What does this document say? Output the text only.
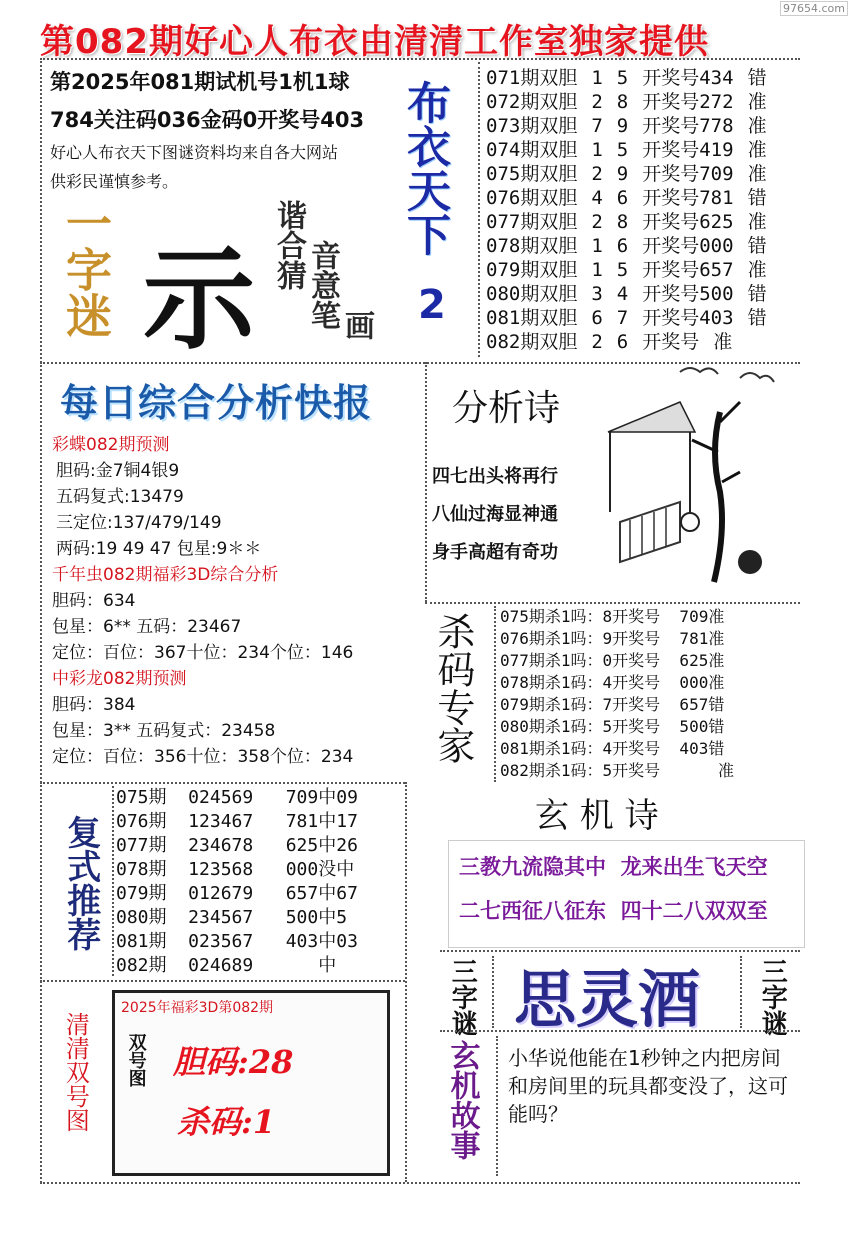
第082期好心人布衣由清清工作室独家提供
97654.com
第2025年081期试机号1机1球
784关注码036金码0开奖号403
好心人布衣天下图谜资料均来自各大网站
供彩民谨慎参考。
一字迷 示 谐合猜 音意笔 画
布衣天下
2
071期双胆 1 5 开奖号434 错
072期双胆 2 8 开奖号272 准
073期双胆 7 9 开奖号778 准
074期双胆 1 5 开奖号419 准
075期双胆 2 9 开奖号709 准
076期双胆 4 6 开奖号781 错
077期双胆 2 8 开奖号625 准
078期双胆 1 6 开奖号000 错
079期双胆 1 5 开奖号657 准
080期双胆 3 4 开奖号500 错
081期双胆 6 7 开奖号403 错
082期双胆 2 6 开奖号 准
每日综合分析快报
彩蝶082期预测
胆码:金7铜4银9
五码复式:13479
三定位:137/479/149
两码:19 49 47 包星:9＊＊
千年虫082期福彩3D综合分析
胆码：634
包星：6** 五码：23467
定位：百位：367十位：234个位：146
中彩龙082期预测
胆码：384
包星：3** 五码复式：23458
定位：百位：356十位：358个位：234
分析诗
四七出头将再行
八仙过海显神通
身手高超有奇功
杀码专家 075期杀1吗：8开奖号  709准
076期杀1吗：9开奖号  781准
077期杀1吗：0开奖号  625准
078期杀1码：4开奖号  000准
079期杀1码：7开奖号  657错
080期杀1码：5开奖号  500错
081期杀1码：4开奖号  403错
082期杀1码：5开奖号      准
复式推荐
075期  024569   709中09
076期  123467   781中17
077期  234678   625中26
078期  123568   000没中
079期  012679   657中67
080期  234567   500中5
081期  023567   403中03
082期  024689      中
玄 机 诗
三教九流隐其中  龙来出生飞天空
二七西征八征东  四十二八双双至
清清双号图
2025年福彩3D第082期
双号图 胆码:28
杀码:1
三字谜 思灵酒 三字谜
玄机故事 小华说他能在1秒钟之内把房间和房间里的玩具都变没了，这可能吗？
